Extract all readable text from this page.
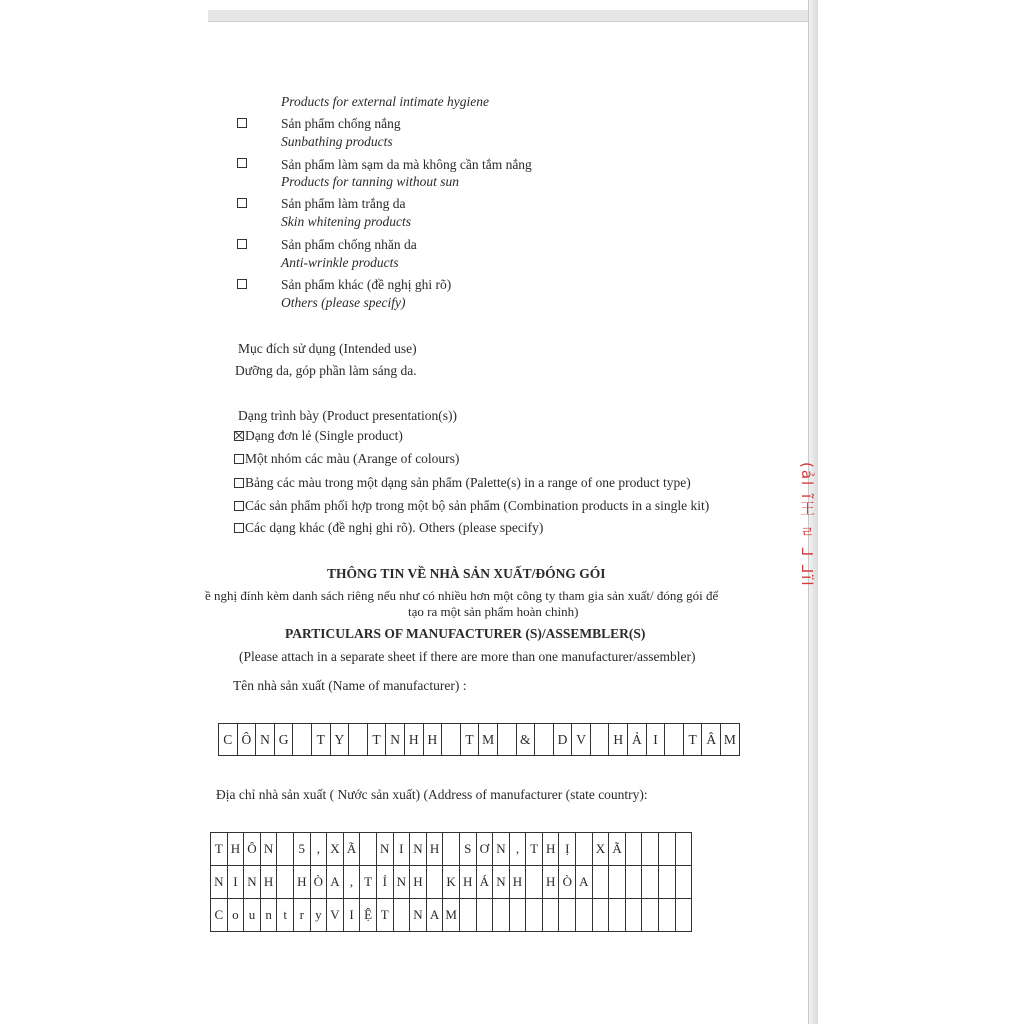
(ảl ĩ王 ㄹ ⅃ ⅃ïl
Products for external intimate hygiene
Sản phẩm chống nắng
Sunbathing products
Sản phẩm làm sạm da mà không cần tắm nắng
Products for tanning without sun
Sản phẩm làm trắng da
Skin whitening products
Sản phẩm chống nhăn da
Anti-wrinkle products
Sản phẩm khác (đề nghị ghi rõ)
Others (please specify)
Mục đích sử dụng (Intended use)
Dưỡng da, góp phần làm sáng da.
Dạng trình bày (Product presentation(s))
Dạng đơn lẻ (Single product)
Một nhóm các màu (Arange of colours)
Bảng các màu trong một dạng sản phẩm (Palette(s) in a range of one product type)
Các sản phẩm phối hợp trong một bộ sản phẩm (Combination products in a single kit)
Các dạng khác (đề nghị ghi rõ). Others (please specify)
THÔNG TIN VỀ NHÀ SẢN XUẤT/ĐÓNG GÓI
ề nghị đính kèm danh sách riêng nếu như có nhiều hơn một công ty tham gia sản xuất/ đóng gói để
tạo ra một sản phẩm hoàn chỉnh)
PARTICULARS OF MANUFACTURER (S)/ASSEMBLER(S)
(Please attach in a separate sheet if there are more than one manufacturer/assembler)
Tên nhà sản xuất (Name of manufacturer) :
C	Ô	N	G		T	Y		T	N	H	H		T	M		&		D	V		H	Ả	I		T	Â	M
Địa chỉ nhà sản xuất ( Nước sản xuất) (Address of manufacturer (state country):
T	H	Ô	N		5	,	X	Ã		N	I	N	H		S	Ơ	N	,	T	H	Ị		X	Ã				
N	I	N	H		H	Ò	A	,	T	Ỉ	N	H		K	H	Á	N	H		H	Ò	A						
C	o	u	n	t	r	y	V	I	Ệ	T		N	A	M														
